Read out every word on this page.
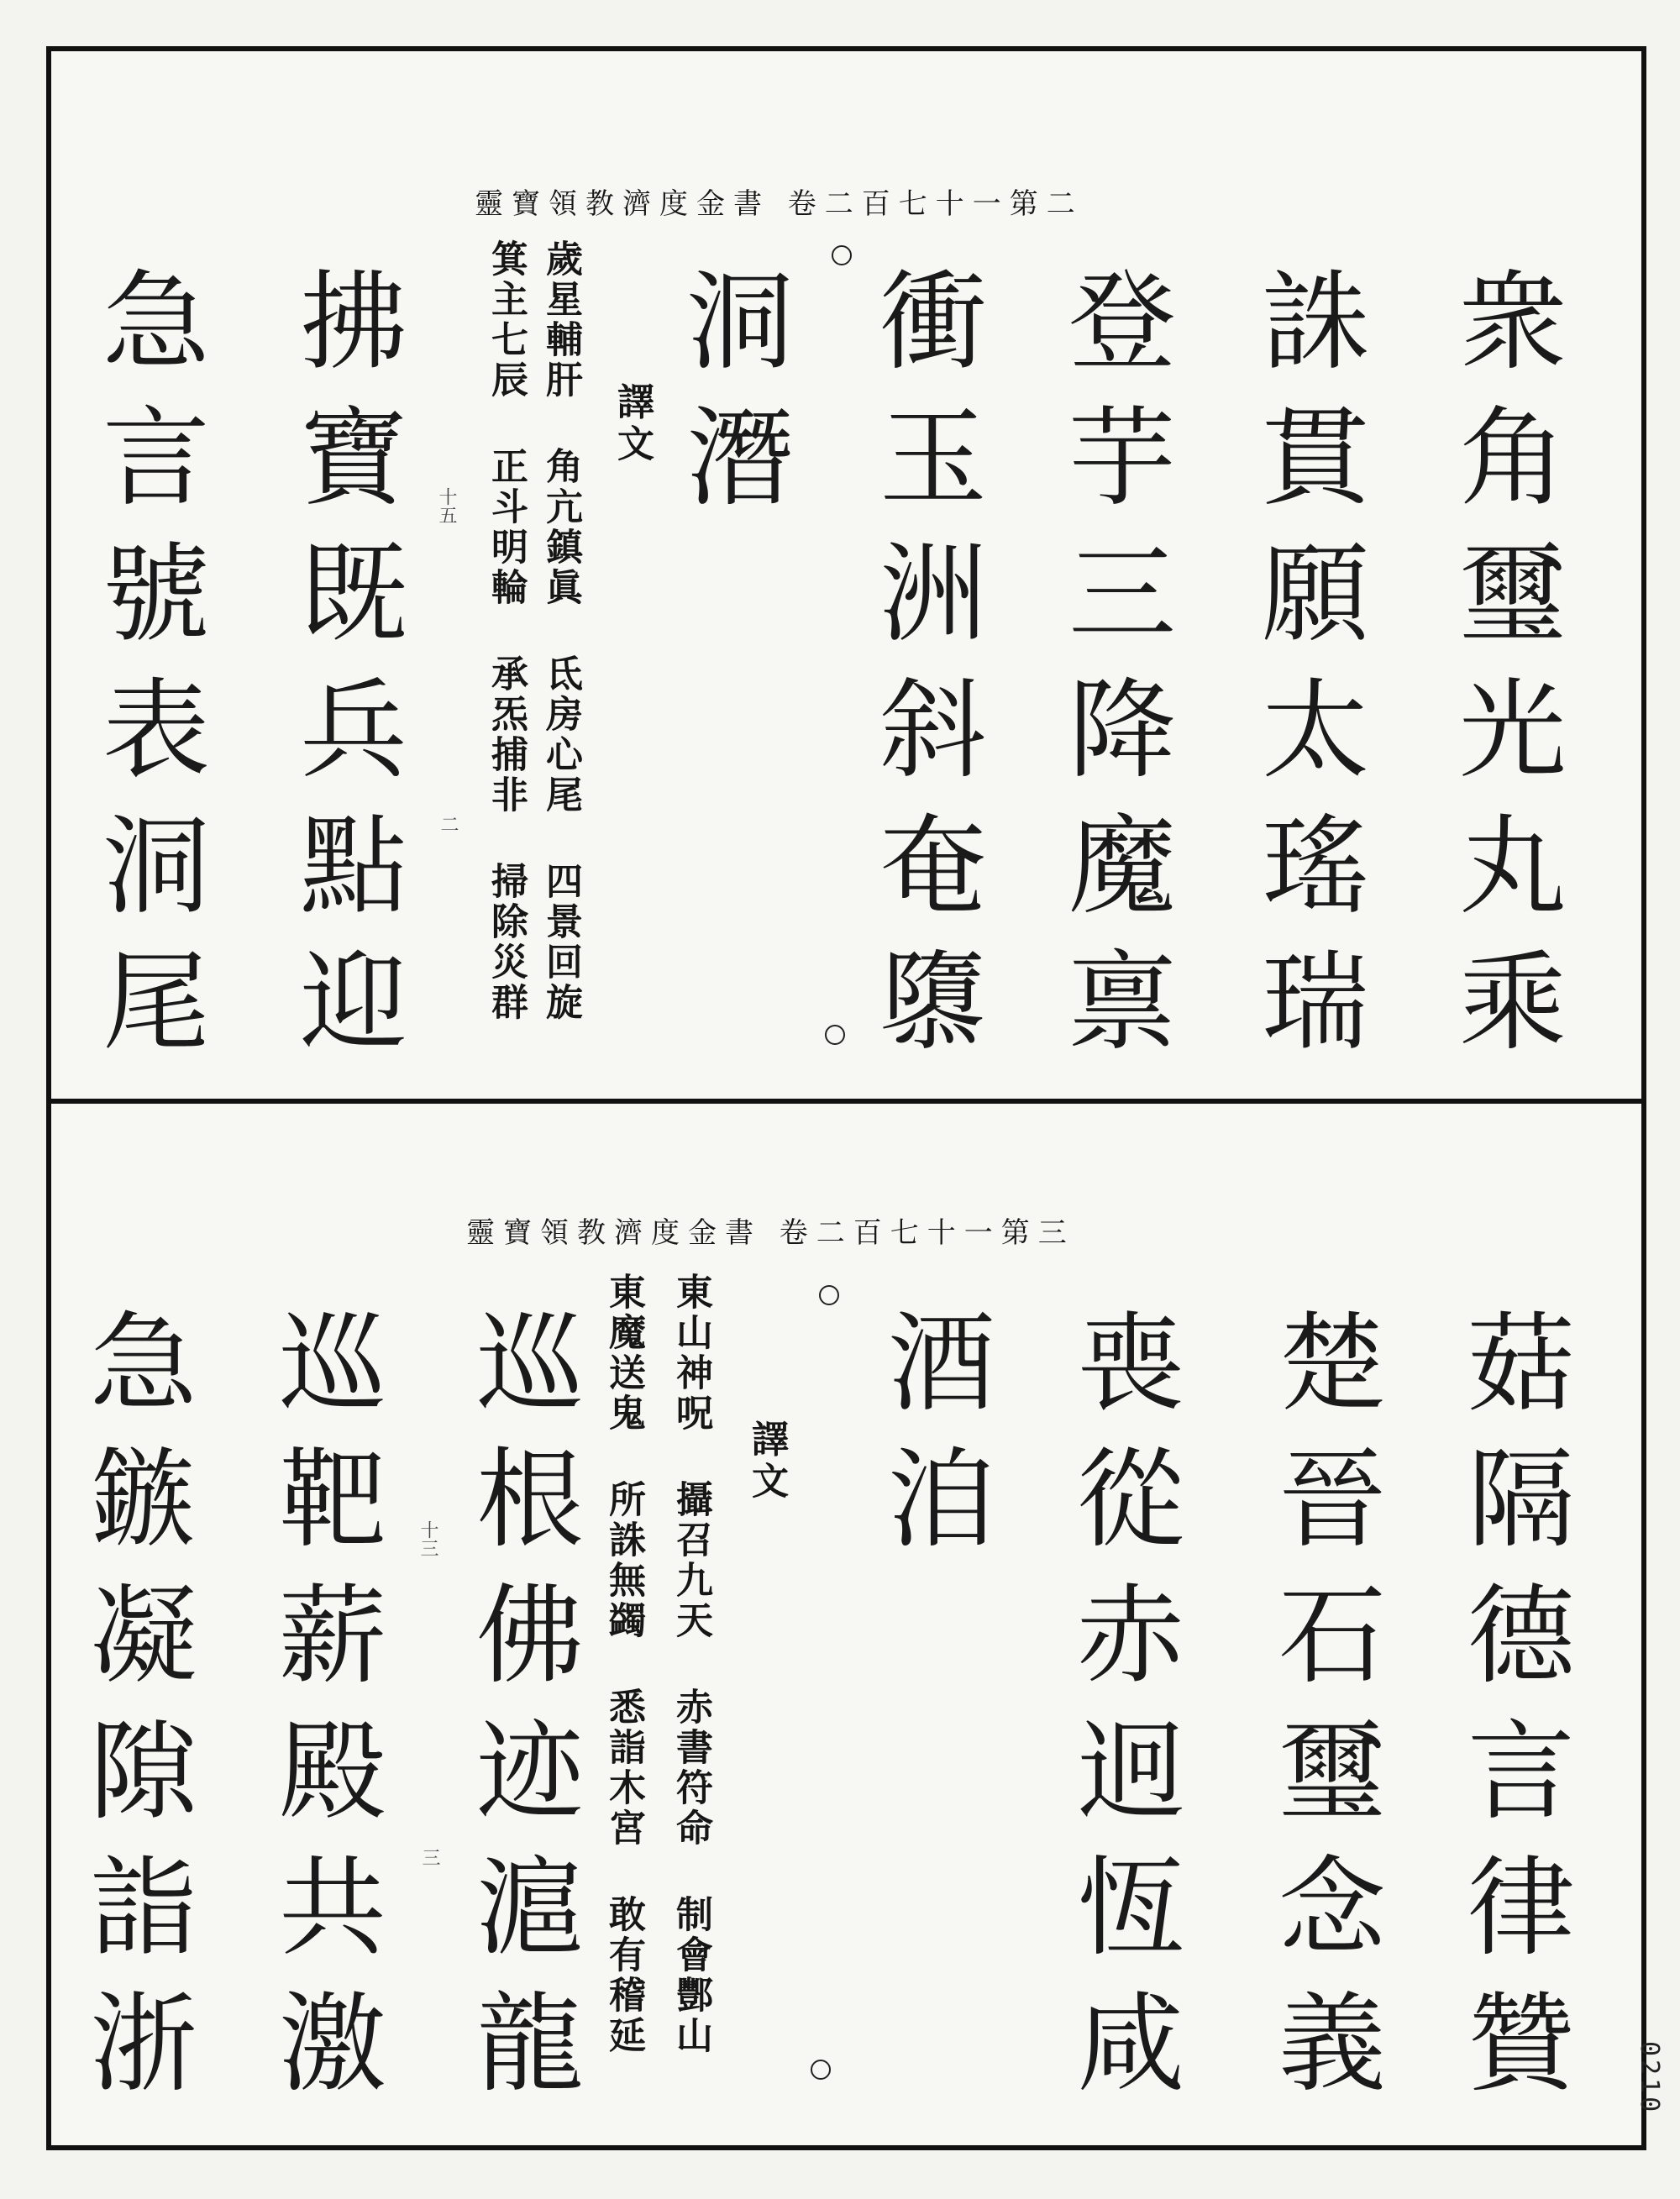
靈寶領教濟度金書 卷二百七十一第二
衆角璽光丸乘
誅貫願太瑤瑞
登芋三降魔禀
衝玉洲斜奄隳
洞潛
譯文
歲星輔肝 角亢鎮眞 氐房心尾 四景回旋
箕主七辰 正斗明輪 承炁捕非 掃除災群
十五
二
拂寶既兵點迎
急言號表洞尾
靈寶領教濟度金書 卷二百七十一第三
菇隔德言律贊
楚晉石璽念義
喪從赤迥恆咸
酒洎
譯文
東山神呪 攝召九天 赤書符命 制會酆山
東魔送鬼 所誅無蠲 悉詣木宮 敢有稽延
巡根佛迹滬龍
十三
三
巡靶薪殿共激
急鏃凝隙詣浙	0210
